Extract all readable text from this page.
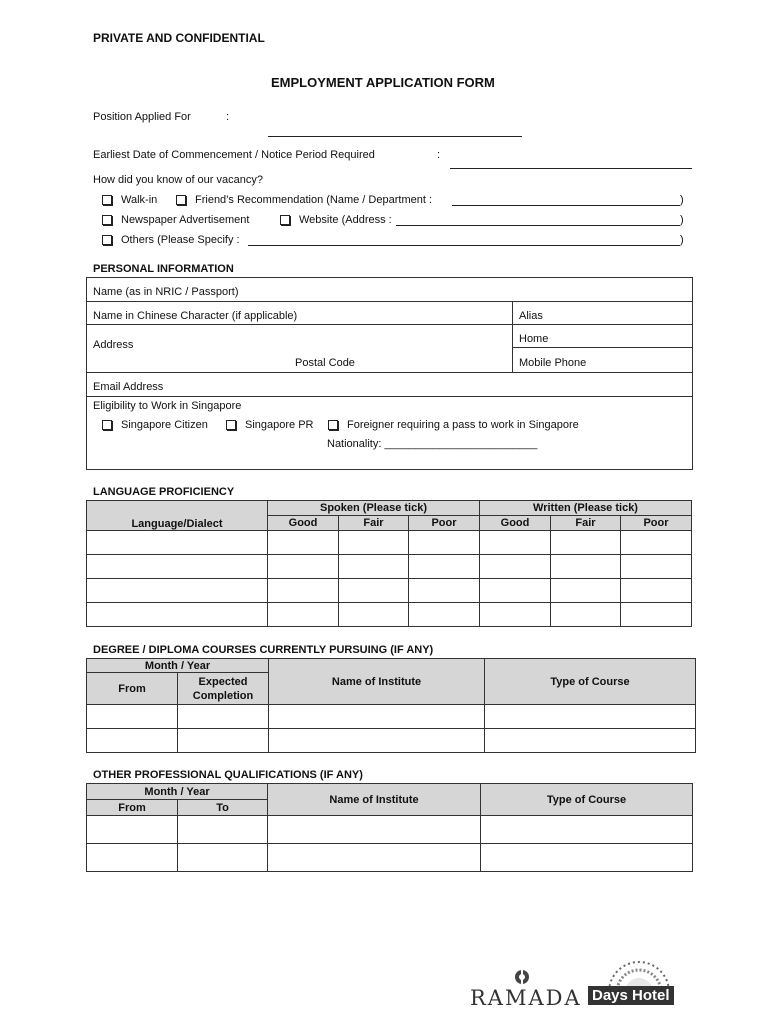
PRIVATE AND CONFIDENTIAL
EMPLOYMENT APPLICATION FORM
Position Applied For	:
Earliest Date of Commencement / Notice Period Required	:
How did you know of our vacancy?
Walk-in	Friend’s Recommendation (Name / Department :	)
Newspaper Advertisement	Website (Address :	)
Others (Please Specify :	)
PERSONAL INFORMATION
Name (as in NRIC / Passport)
Name in Chinese Character (if applicable)	Alias
Address	Home
Postal Code	Mobile Phone
Email Address
Eligibility to Work in Singapore
Singapore Citizen	Singapore PR	Foreigner requiring a pass to work in Singapore
Nationality: _________________________
LANGUAGE PROFICIENCY
Language/Dialect	Spoken (Please tick)			Written (Please tick)		
	Good	Fair	Poor	Good	Fair	Poor

DEGREE / DIPLOMA COURSES CURRENTLY PURSUING (IF ANY)
Month / Year		Name of Institute	Type of Course
From	Expected
Completion		

OTHER PROFESSIONAL QUALIFICATIONS (IF ANY)
Month / Year		Name of Institute	Type of Course
From	To		

RAMADA Days Hotel
